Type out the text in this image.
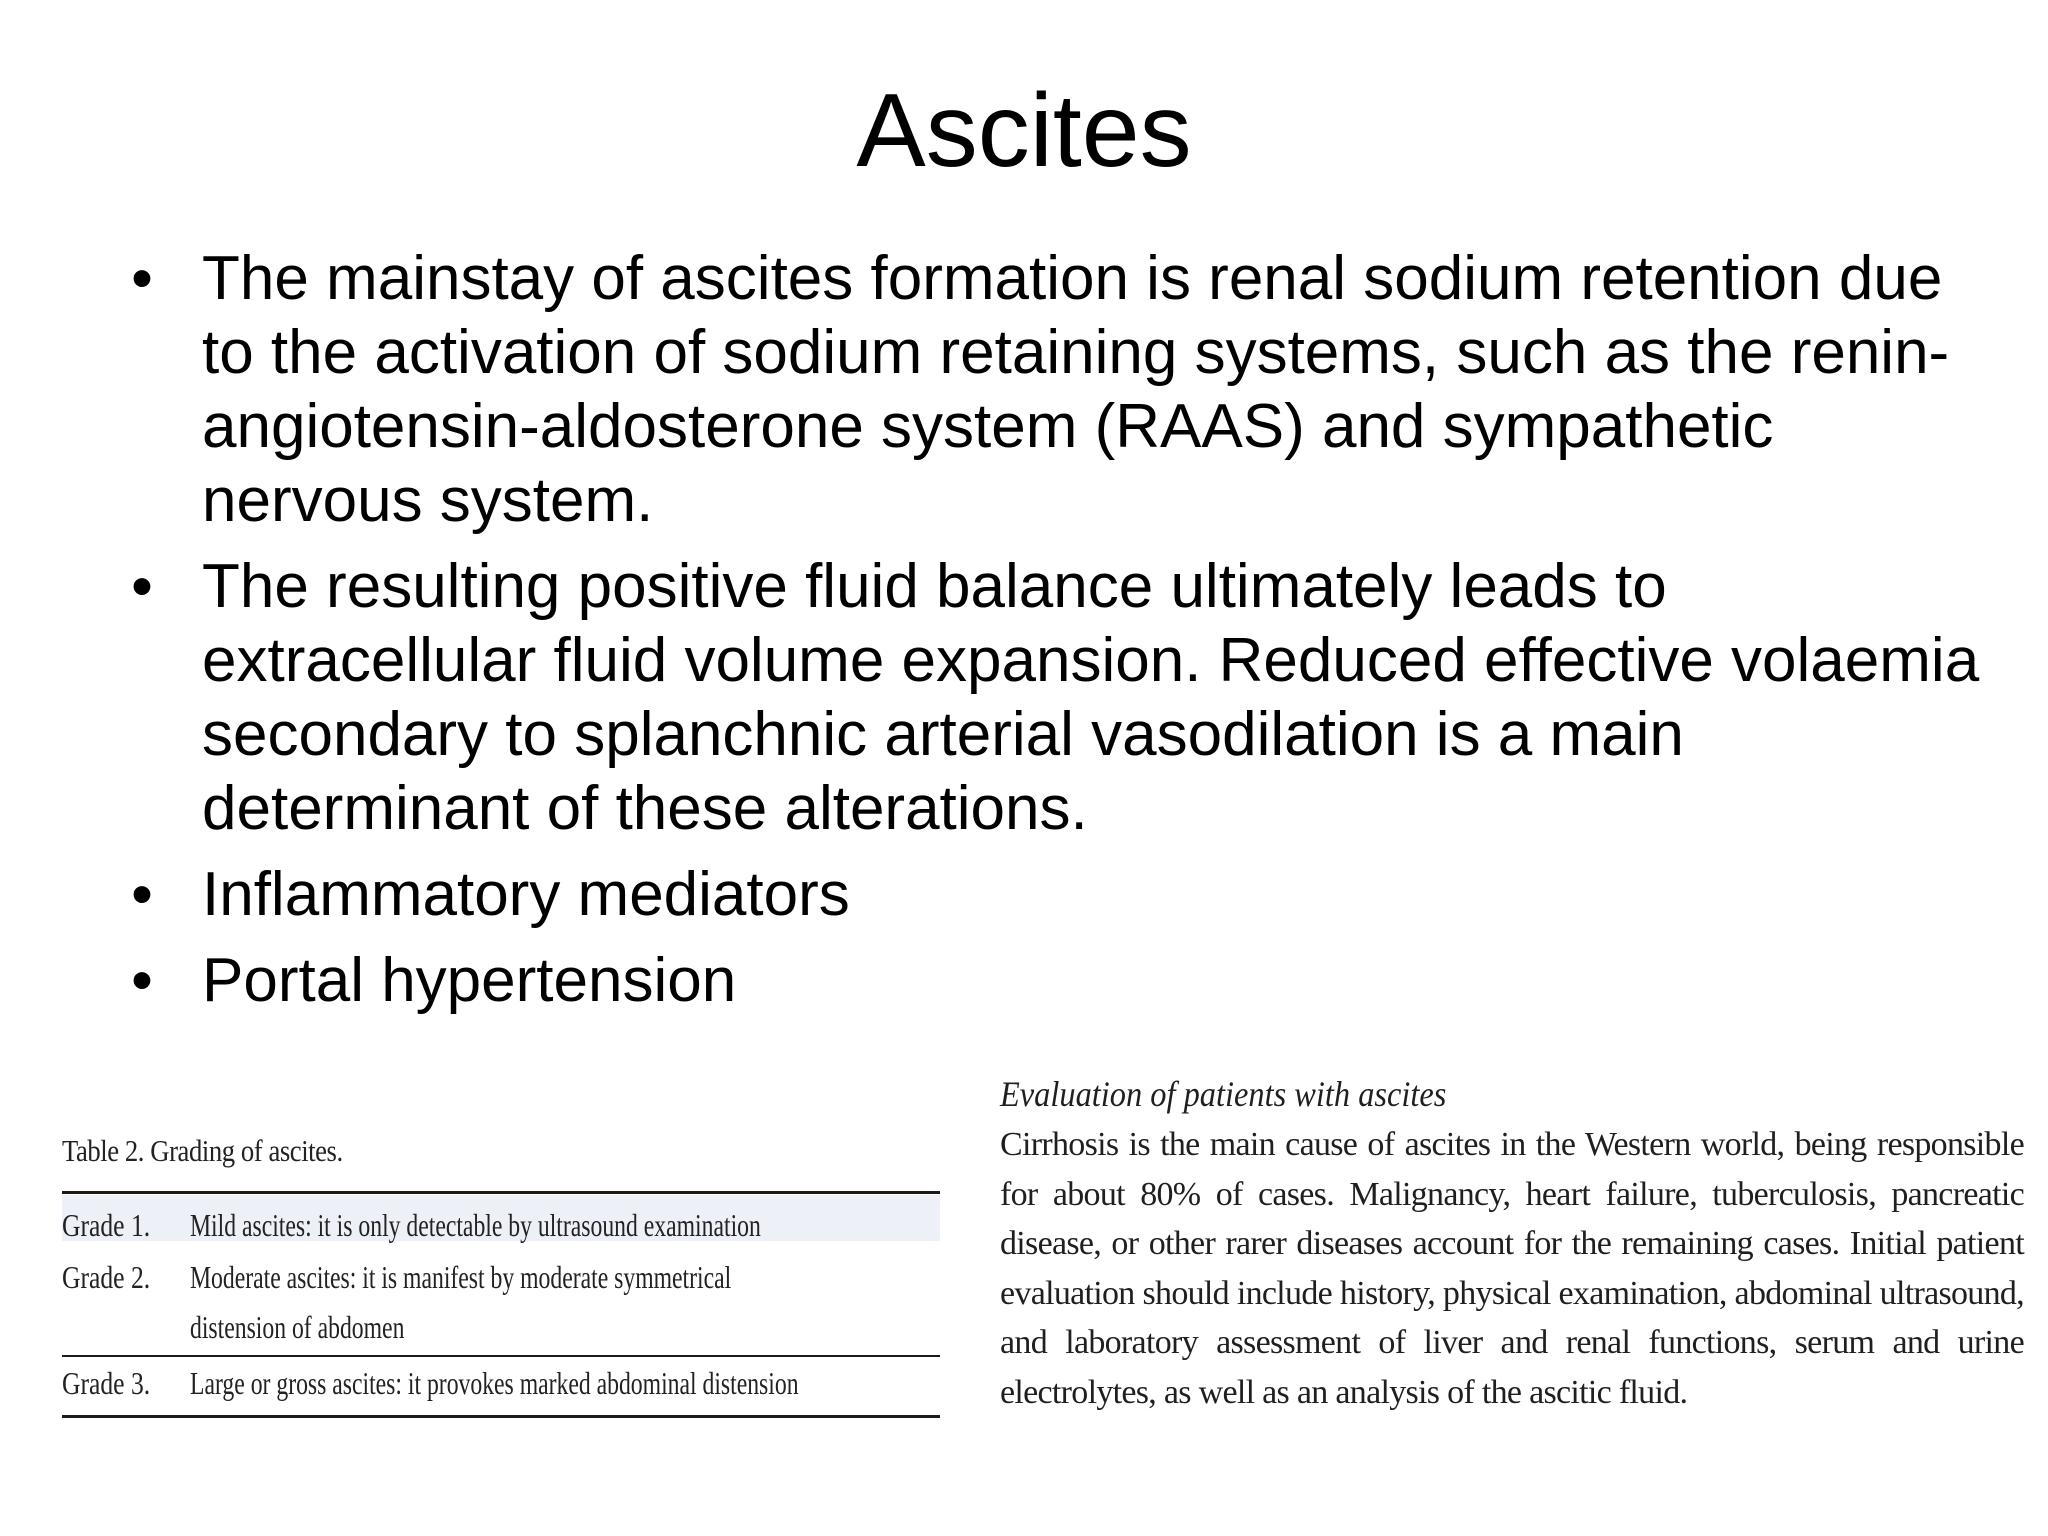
Ascites
• The mainstay of ascites formation is renal sodium retention due to the activation of sodium retaining systems, such as the renin-angiotensin-aldosterone system (RAAS) and sympathetic nervous system.
• The resulting positive fluid balance ultimately leads to extracellular fluid volume expansion. Reduced effective volaemia secondary to splanchnic arterial vasodilation is a main determinant of these alterations.
• Inflammatory mediators
• Portal hypertension
Table 2. Grading of ascites.
Grade 1. Mild ascites: it is only detectable by ultrasound examination
Grade 2. Moderate ascites: it is manifest by moderate symmetrical
distension of abdomen
Grade 3. Large or gross ascites: it provokes marked abdominal distension
Evaluation of patients with ascites
Cirrhosis is the main cause of ascites in the Western world, being responsible for about 80% of cases. Malignancy, heart failure, tuberculosis, pancreatic disease, or other rarer diseases account for the remaining cases. Initial patient evaluation should include history, physical examination, abdominal ultrasound, and laboratory assessment of liver and renal functions, serum and urine electrolytes, as well as an analysis of the ascitic fluid.
